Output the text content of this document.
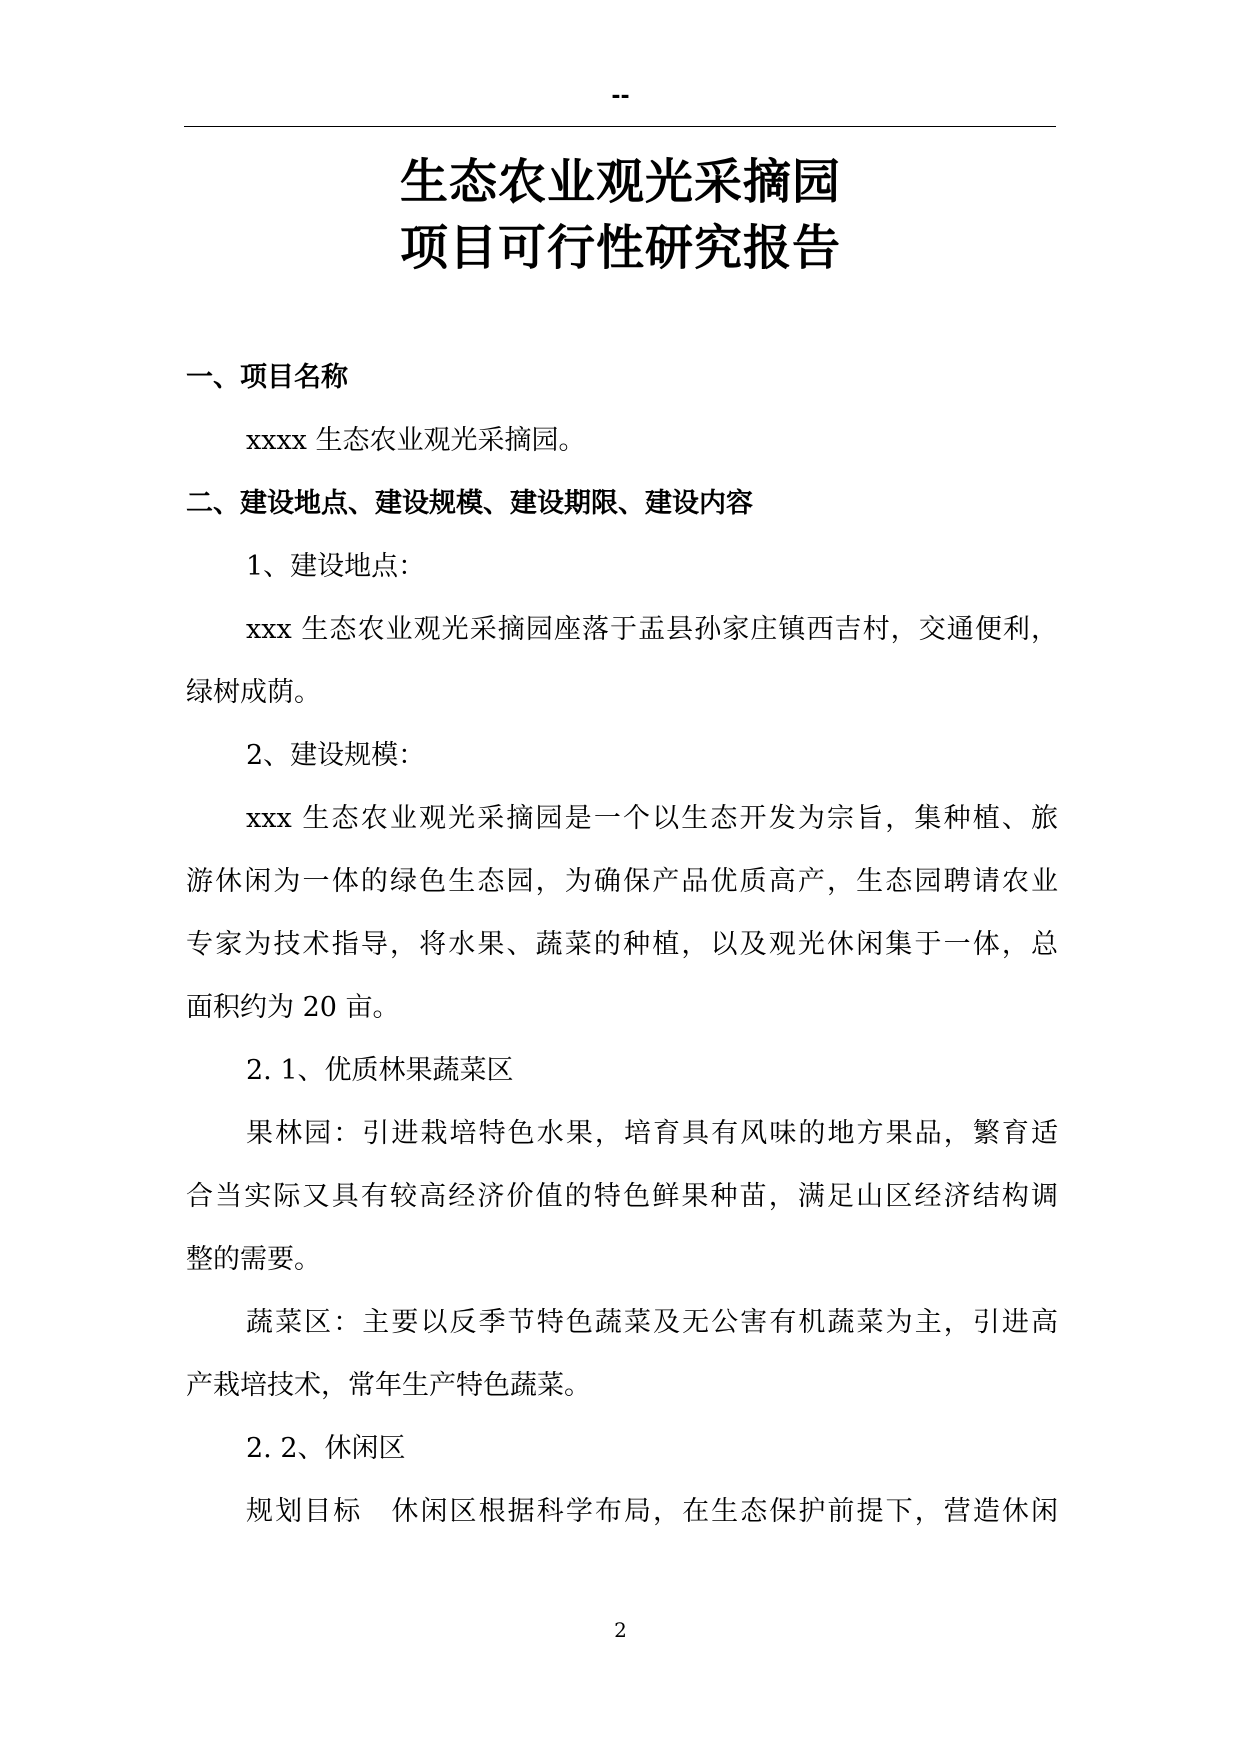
--
生态农业观光采摘园
项目可行性研究报告
一、项目名称
xxxx 生态农业观光采摘园。
二、建设地点、建设规模、建设期限、建设内容
1、建设地点：
xxx 生态农业观光采摘园座落于盂县孙家庄镇西吉村，交通便利，
绿树成荫。
2、建设规模：
xxx 生态农业观光采摘园是一个以生态开发为宗旨，集种植、旅
游休闲为一体的绿色生态园，为确保产品优质高产，生态园聘请农业
专家为技术指导，将水果、蔬菜的种植，以及观光休闲集于一体，总
面积约为 20 亩。
2. 1、优质林果蔬菜区
果林园：引进栽培特色水果，培育具有风味的地方果品，繁育适
合当实际又具有较高经济价值的特色鲜果种苗，满足山区经济结构调
整的需要。
蔬菜区：主要以反季节特色蔬菜及无公害有机蔬菜为主，引进高
产栽培技术，常年生产特色蔬菜。
2. 2、休闲区
规划目标　休闲区根据科学布局，在生态保护前提下，营造休闲
2
